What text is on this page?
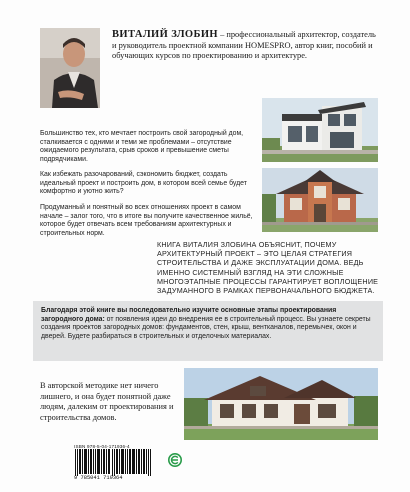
ВИТАЛИЙ ЗЛОБИН – профессиональный архитектор, создатель и руководитель проектной компании HOMESPRO, автор книг, пособий и обучающих курсов по проектированию и архитектуре.
Большинство тех, кто мечтает построить свой загородный дом, сталкивается с одними и теми же проблемами – отсутствие ожидаемого результата, срыв сроков и превышение сметы подрядчиками.
Как избежать разочарований, сэкономить бюджет, создать идеальный проект и построить дом, в котором всей семье будет комфортно и уютно жить?
Продуманный и понятный во всех отношениях проект в самом начале – залог того, что в итоге вы получите качественное жильё, которое будет отвечать всем требованиям архитектурных и строительных норм.
КНИГА ВИТАЛИЯ ЗЛОБИНА ОБЪЯСНИТ, ПОЧЕМУ АРХИТЕКТУРНЫЙ ПРОЕКТ – ЭТО ЦЕЛАЯ СТРАТЕГИЯ СТРОИТЕЛЬСТВА И ДАЖЕ ЭКСПЛУАТАЦИИ ДОМА. ВЕДЬ ИМЕННО СИСТЕМНЫЙ ВЗГЛЯД НА ЭТИ СЛОЖНЫЕ МНОГОЭТАПНЫЕ ПРОЦЕССЫ ГАРАНТИРУЕТ ВОПЛОЩЕНИЕ ЗАДУМАННОГО В РАМКАХ ПЕРВОНАЧАЛЬНОГО БЮДЖЕТА.
Благодаря этой книге вы последовательно изучите основные этапы проектирования загородного дома: от появления идеи до внедрения ее в строительный процесс. Вы узнаете секреты создания проектов загородных домов: фундаментов, стен, крыш, вентканалов, перемычек, окон и дверей. Будете разбираться в строительных и отделочных материалах.
В авторской методике нет ничего лишнего, и она будет понятной даже людям, далеким от проектирования и строительства домов.
ISBN 978-5-04-171936-4
9 785041 719364
